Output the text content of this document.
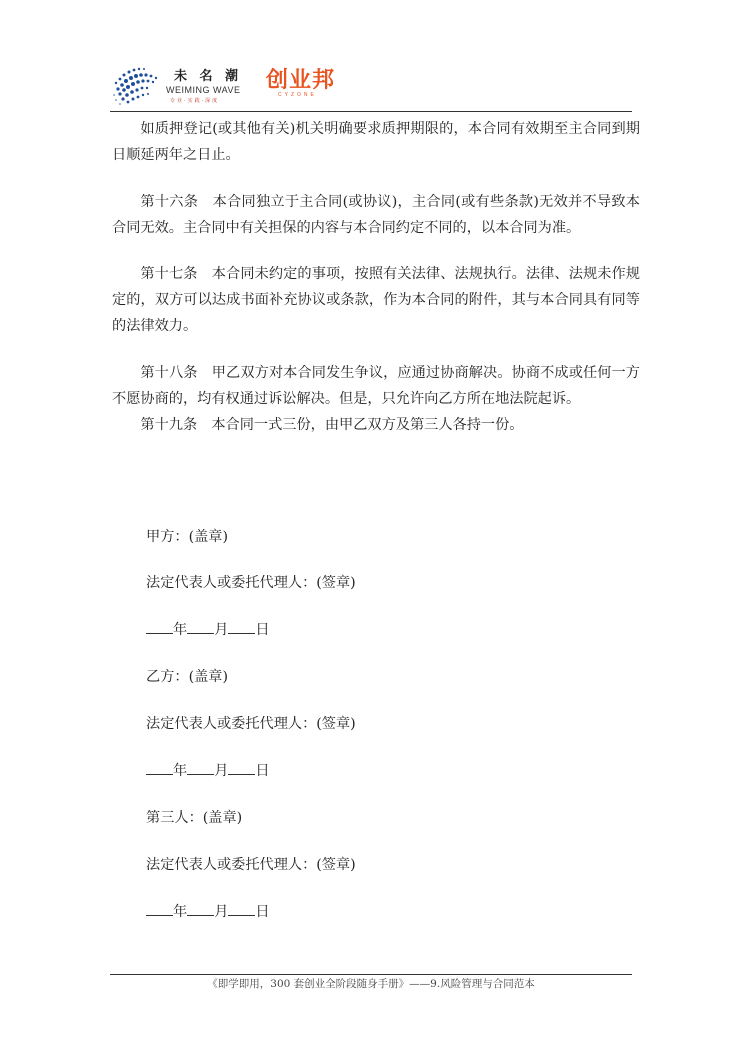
未 名 潮
WEIMING WAVE
专业·实践·深度
创业邦
CYZONE

如质押登记(或其他有关)机关明确要求质押期限的，本合同有效期至主合同到期日顺延两年之日止。

第十六条　本合同独立于主合同(或协议)，主合同(或有些条款)无效并不导致本合同无效。主合同中有关担保的内容与本合同约定不同的，以本合同为准。

第十七条　本合同未约定的事项，按照有关法律、法规执行。法律、法规未作规定的，双方可以达成书面补充协议或条款，作为本合同的附件，其与本合同具有同等的法律效力。

第十八条　甲乙双方对本合同发生争议，应通过协商解决。协商不成或任何一方不愿协商的，均有权通过诉讼解决。但是，只允许向乙方所在地法院起诉。

第十九条　本合同一式三份，由甲乙双方及第三人各持一份。

甲方：(盖章)
法定代表人或委托代理人：(签章)
年 月 日
乙方：(盖章)
法定代表人或委托代理人：(签章)
年 月 日
第三人：(盖章)
法定代表人或委托代理人：(签章)
年 月 日
《即学即用，300 套创业全阶段随身手册》——9.风险管理与合同范本
